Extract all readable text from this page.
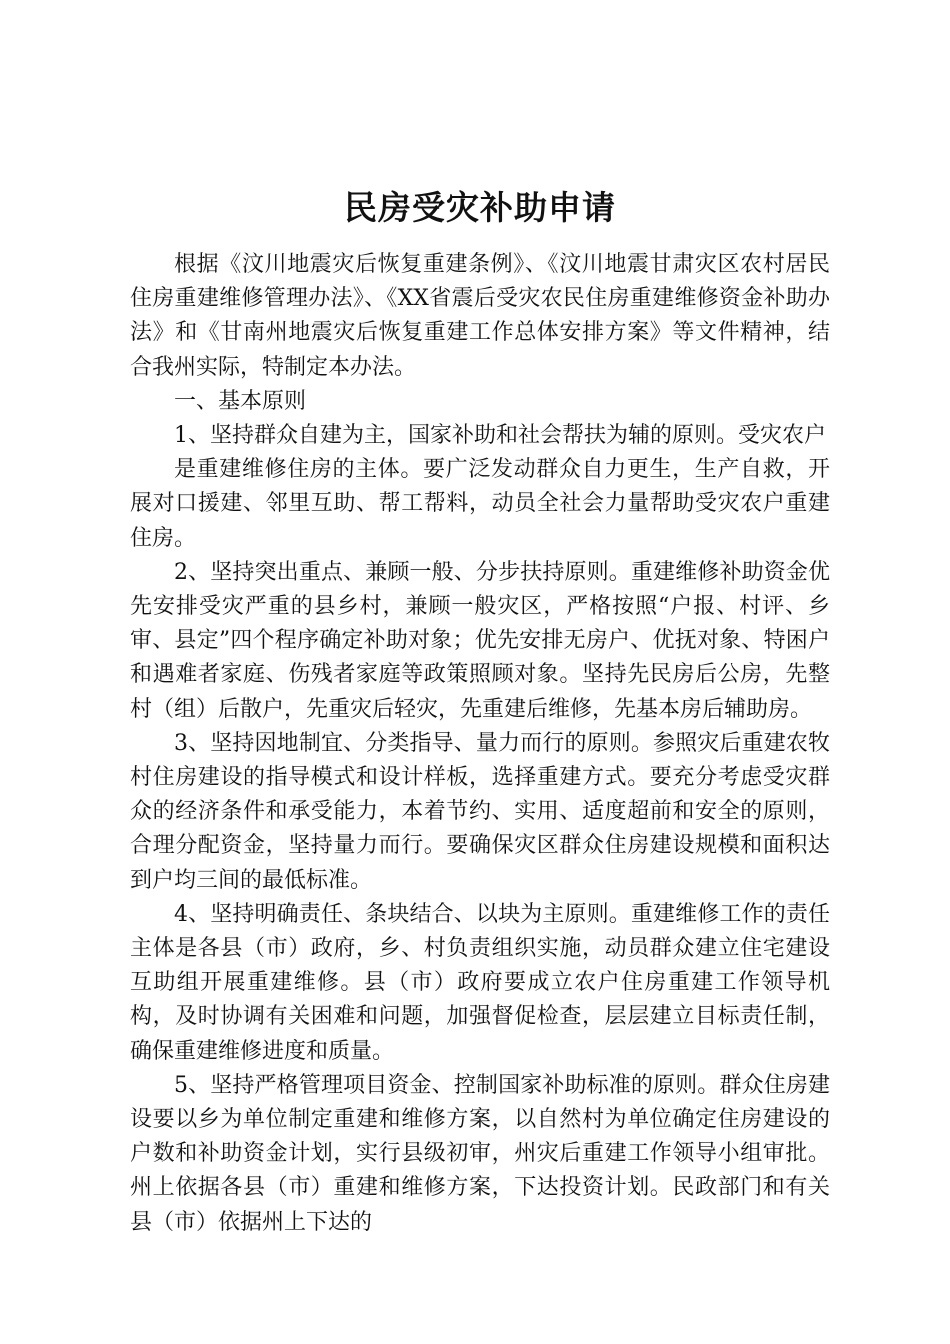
民房受灾补助申请

根据《汶川地震灾后恢复重建条例》、《汶川地震甘肃灾区农村居民住房重建维修管理办法》、《XX省震后受灾农民住房重建维修资金补助办法》和《甘南州地震灾后恢复重建工作总体安排方案》等文件精神，结合我州实际，特制定本办法。

一、基本原则

1、坚持群众自建为主，国家补助和社会帮扶为辅的原则。受灾农户

是重建维修住房的主体。要广泛发动群众自力更生，生产自救，开展对口援建、邻里互助、帮工帮料，动员全社会力量帮助受灾农户重建住房。

2、坚持突出重点、兼顾一般、分步扶持原则。重建维修补助资金优先安排受灾严重的县乡村，兼顾一般灾区，严格按照“户报、村评、乡审、县定”四个程序确定补助对象；优先安排无房户、优抚对象、特困户和遇难者家庭、伤残者家庭等政策照顾对象。坚持先民房后公房，先整村（组）后散户，先重灾后轻灾，先重建后维修，先基本房后辅助房。

3、坚持因地制宜、分类指导、量力而行的原则。参照灾后重建农牧村住房建设的指导模式和设计样板，选择重建方式。要充分考虑受灾群众的经济条件和承受能力，本着节约、实用、适度超前和安全的原则，合理分配资金，坚持量力而行。要确保灾区群众住房建设规模和面积达到户均三间的最低标准。

4、坚持明确责任、条块结合、以块为主原则。重建维修工作的责任主体是各县（市）政府，乡、村负责组织实施，动员群众建立住宅建设互助组开展重建维修。县（市）政府要成立农户住房重建工作领导机构，及时协调有关困难和问题，加强督促检查，层层建立目标责任制，确保重建维修进度和质量。

5、坚持严格管理项目资金、控制国家补助标准的原则。群众住房建设要以乡为单位制定重建和维修方案，以自然村为单位确定住房建设的户数和补助资金计划，实行县级初审，州灾后重建工作领导小组审批。州上依据各县（市）重建和维修方案，下达投资计划。民政部门和有关县（市）依据州上下达的
